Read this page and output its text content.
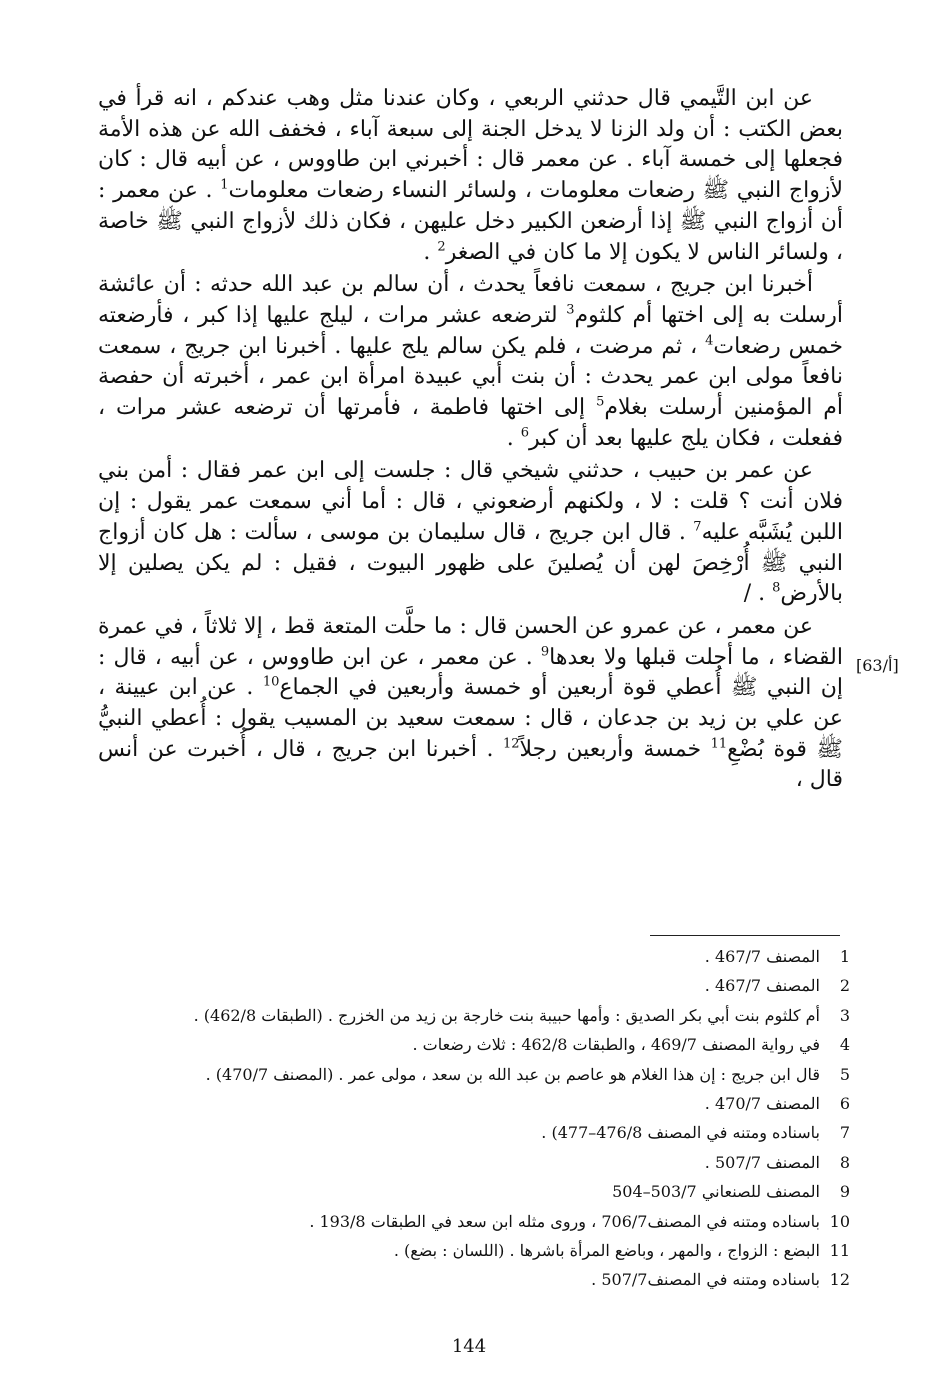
عن ابن التَّيمي قال حدثني الربعي ، وكان عندنا مثل وهب عندكم ، انه قرأ في بعض الكتب : أن ولد الزنا لا يدخل الجنة إلى سبعة آباء ، فخفف الله عن هذه الأمة فجعلها إلى خمسة آباء . عن معمر قال : أخبرني ابن طاووس ، عن أبيه قال : كان لأزواج النبي ﷺ رضعات معلومات ، ولسائر النساء رضعات معلومات$^1$ . عن معمر : أن أزواج النبي ﷺ إذا أرضعن الكبير دخل عليهن ، فكان ذلك لأزواج النبي ﷺ خاصة ، ولسائر الناس لا يكون إلا ما كان في الصغر$^2$ .

أخبرنا ابن جريج ، سمعت نافعاً يحدث ، أن سالم بن عبد الله حدثه : أن عائشة أرسلت به إلى اختها أم كلثوم$^3$ لترضعه عشر مرات ، ليلج عليها إذا كبر ، فأرضعته خمس رضعات$^4$ ، ثم مرضت ، فلم يكن سالم يلج عليها . أخبرنا ابن جريج ، سمعت نافعاً مولى ابن عمر يحدث : أن بنت أبي عبيدة امرأة ابن عمر ، أخبرته أن حفصة أم المؤمنين أرسلت بغلام$^5$ إلى اختها فاطمة ، فأمرتها أن ترضعه عشر مرات ، ففعلت ، فكان يلج عليها بعد أن كبر$^6$ .

عن عمر بن حبيب ، حدثني شيخي قال : جلست إلى ابن عمر فقال : أمن بني فلان أنت ؟ قلت : لا ، ولكنهم أرضعوني ، قال : أما أني سمعت عمر يقول : إن اللبن يُشَبَّه عليه$^7$ . قال ابن جريج ، قال سليمان بن موسى ، سألت : هل كان أزواج النبي ﷺ أُرْخِصَ لهن أن يُصلينَ على ظهور البيوت ، فقيل : لم يكن يصلين إلا بالأرض$^8$ . /

عن معمر ، عن عمرو عن الحسن قال : ما حلَّت المتعة قط ، إلا ثلاثاً ، في عمرة القضاء ، ما أحلت قبلها ولا بعدها$^9$ . عن معمر ، عن ابن طاووس ، عن أبيه ، قال : إن النبي ﷺ أُعطي قوة أربعين أو خمسة وأربعين في الجماع$^{10}$ . عن ابن عيينة ، عن علي بن زيد بن جدعان ، قال : سمعت سعيد بن المسيب يقول : أُعطي النبيُّ ﷺ قوة بُضْعِ$^{11}$ خمسة وأربعين رجلاً$^{12}$ . أخبرنا ابن جريج ، قال ، أُخبرت عن أنس قال ،

[63/أ]
1
المصنف 467/7 .
2
المصنف 467/7 .
3
أم كلثوم بنت أبي بكر الصديق : وأمها حبيبة بنت خارجة بن زيد من الخزرج . (الطبقات 462/8) .
4
في رواية المصنف 469/7 ، والطبقات 462/8 : ثلاث رضعات .
5
قال ابن جريج : إن هذا الغلام هو عاصم بن عبد الله بن سعد ، مولى عمر . (المصنف 470/7) .
6
المصنف 470/7 .
7
باسناده ومتنه في المصنف 476/8–477) .
8
المصنف 507/7 .
9
المصنف للصنعاني 503/7–504
10
باسناده ومتنه في المصنف706/7 ، وروى مثله ابن سعد في الطبقات 193/8 .
11
البضع : الزواج ، والمهر ، وباضع المرأة باشرها . (اللسان : بضع) .
12
باسناده ومتنه في المصنف507/7 .
144
